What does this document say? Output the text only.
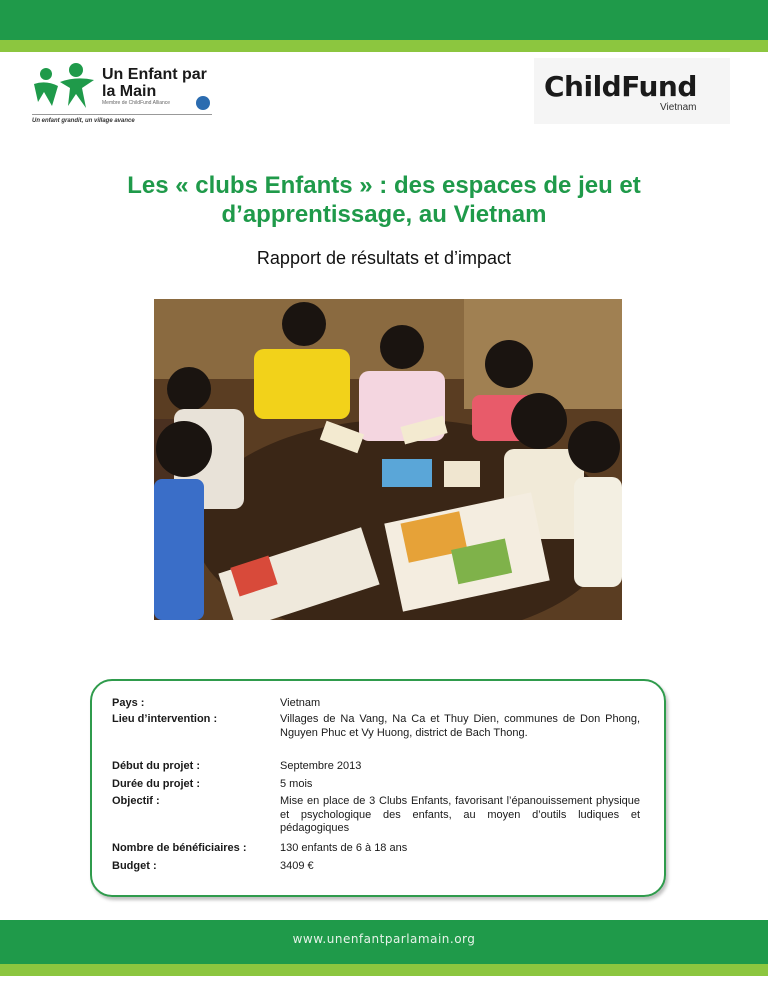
Un Enfant par la Main
Membre de ChildFund Alliance
Un enfant grandit, un village avance
ChildFund
Vietnam
Les « clubs Enfants » : des espaces de jeu et d’apprentissage, au Vietnam
Rapport de résultats et d’impact
Pays :	Vietnam
Lieu d’intervention :	Villages de Na Vang, Na Ca et Thuy Dien, communes de Don Phong, Nguyen Phuc et Vy Huong, district de Bach Thong.
Début du projet :	Septembre 2013
Durée du projet :	5 mois
Objectif :	Mise en place de 3 Clubs Enfants, favorisant l’épanouissement physique et psychologique des enfants, au moyen d’outils ludiques et pédagogiques
Nombre de bénéficiaires :	130 enfants de 6 à 18 ans
Budget :	3409 €
www.unenfantparlamain.org
